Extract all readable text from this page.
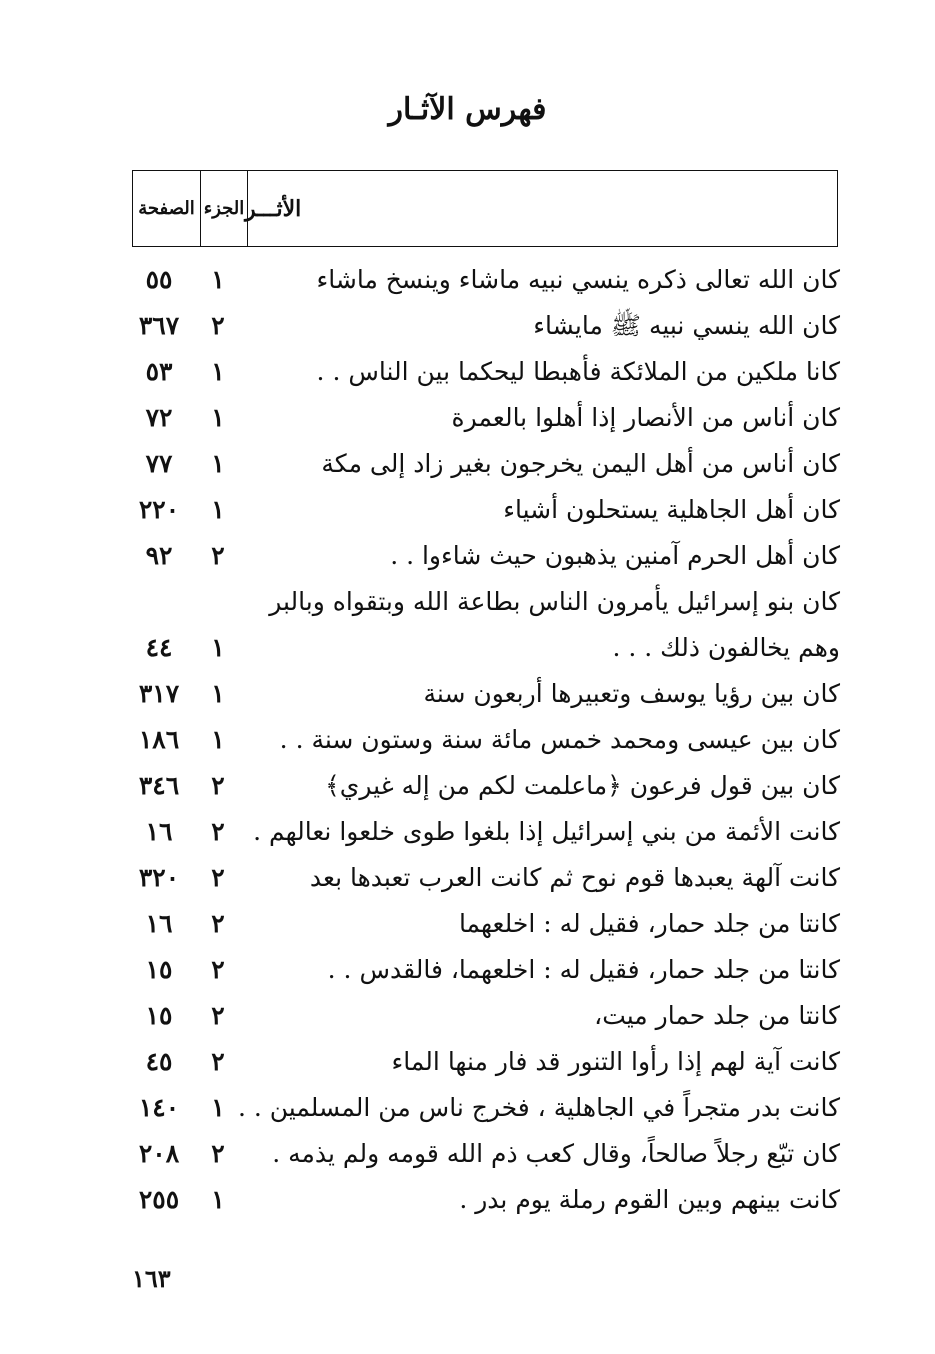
فهرس الآثـار
الأثـــر
الجزء
الصفحة
كان الله تعالى ذكره ينسي نبيه ماشاء وينسخ ماشاء
١
٥٥
كان الله ينسي نبيه ﷺ مايشاء
٢
٣٦٧
كانا ملكين من الملائكة فأهبطا ليحكما بين الناس . .
١
٥٣
كان أناس من الأنصار إذا أهلوا بالعمرة
١
٧٢
كان أناس من أهل اليمن يخرجون بغير زاد إلى مكة
١
٧٧
كان أهل الجاهلية يستحلون أشياء
١
٢٢٠
كان أهل الحرم آمنين يذهبون حيث شاءوا . .
٢
٩٢
كان بنو إسرائيل يأمرون الناس بطاعة الله وبتقواه وبالبر
وهم يخالفون ذلك . . .
١
٤٤
كان بين رؤيا يوسف وتعبيرها أربعون سنة
١
٣١٧
كان بين عيسى ومحمد خمس مائة سنة وستون سنة . .
١
١٨٦
كان بين قول فرعون ﴿ماعلمت لكم من إله غيري﴾
٢
٣٤٦
كانت الأئمة من بني إسرائيل إذا بلغوا طوى خلعوا نعالهم .
٢
١٦
كانت آلهة يعبدها قوم نوح ثم كانت العرب تعبدها بعد
٢
٣٢٠
كانتا من جلد حمار، فقيل له : اخلعهما
٢
١٦
كانتا من جلد حمار، فقيل له : اخلعهما، فالقدس . .
٢
١٥
كانتا من جلد حمار ميت،
٢
١٥
كانت آية لهم إذا رأوا التنور قد فار منها الماء
٢
٤٥
كانت بدر متجراً في الجاهلية ، فخرج ناس من المسلمين . .
١
١٤٠
كان تبّع رجلاً صالحاً، وقال كعب ذم الله قومه ولم يذمه .
٢
٢٠٨
كانت بينهم وبين القوم رملة يوم بدر .
١
٢٥٥
١٦٣
